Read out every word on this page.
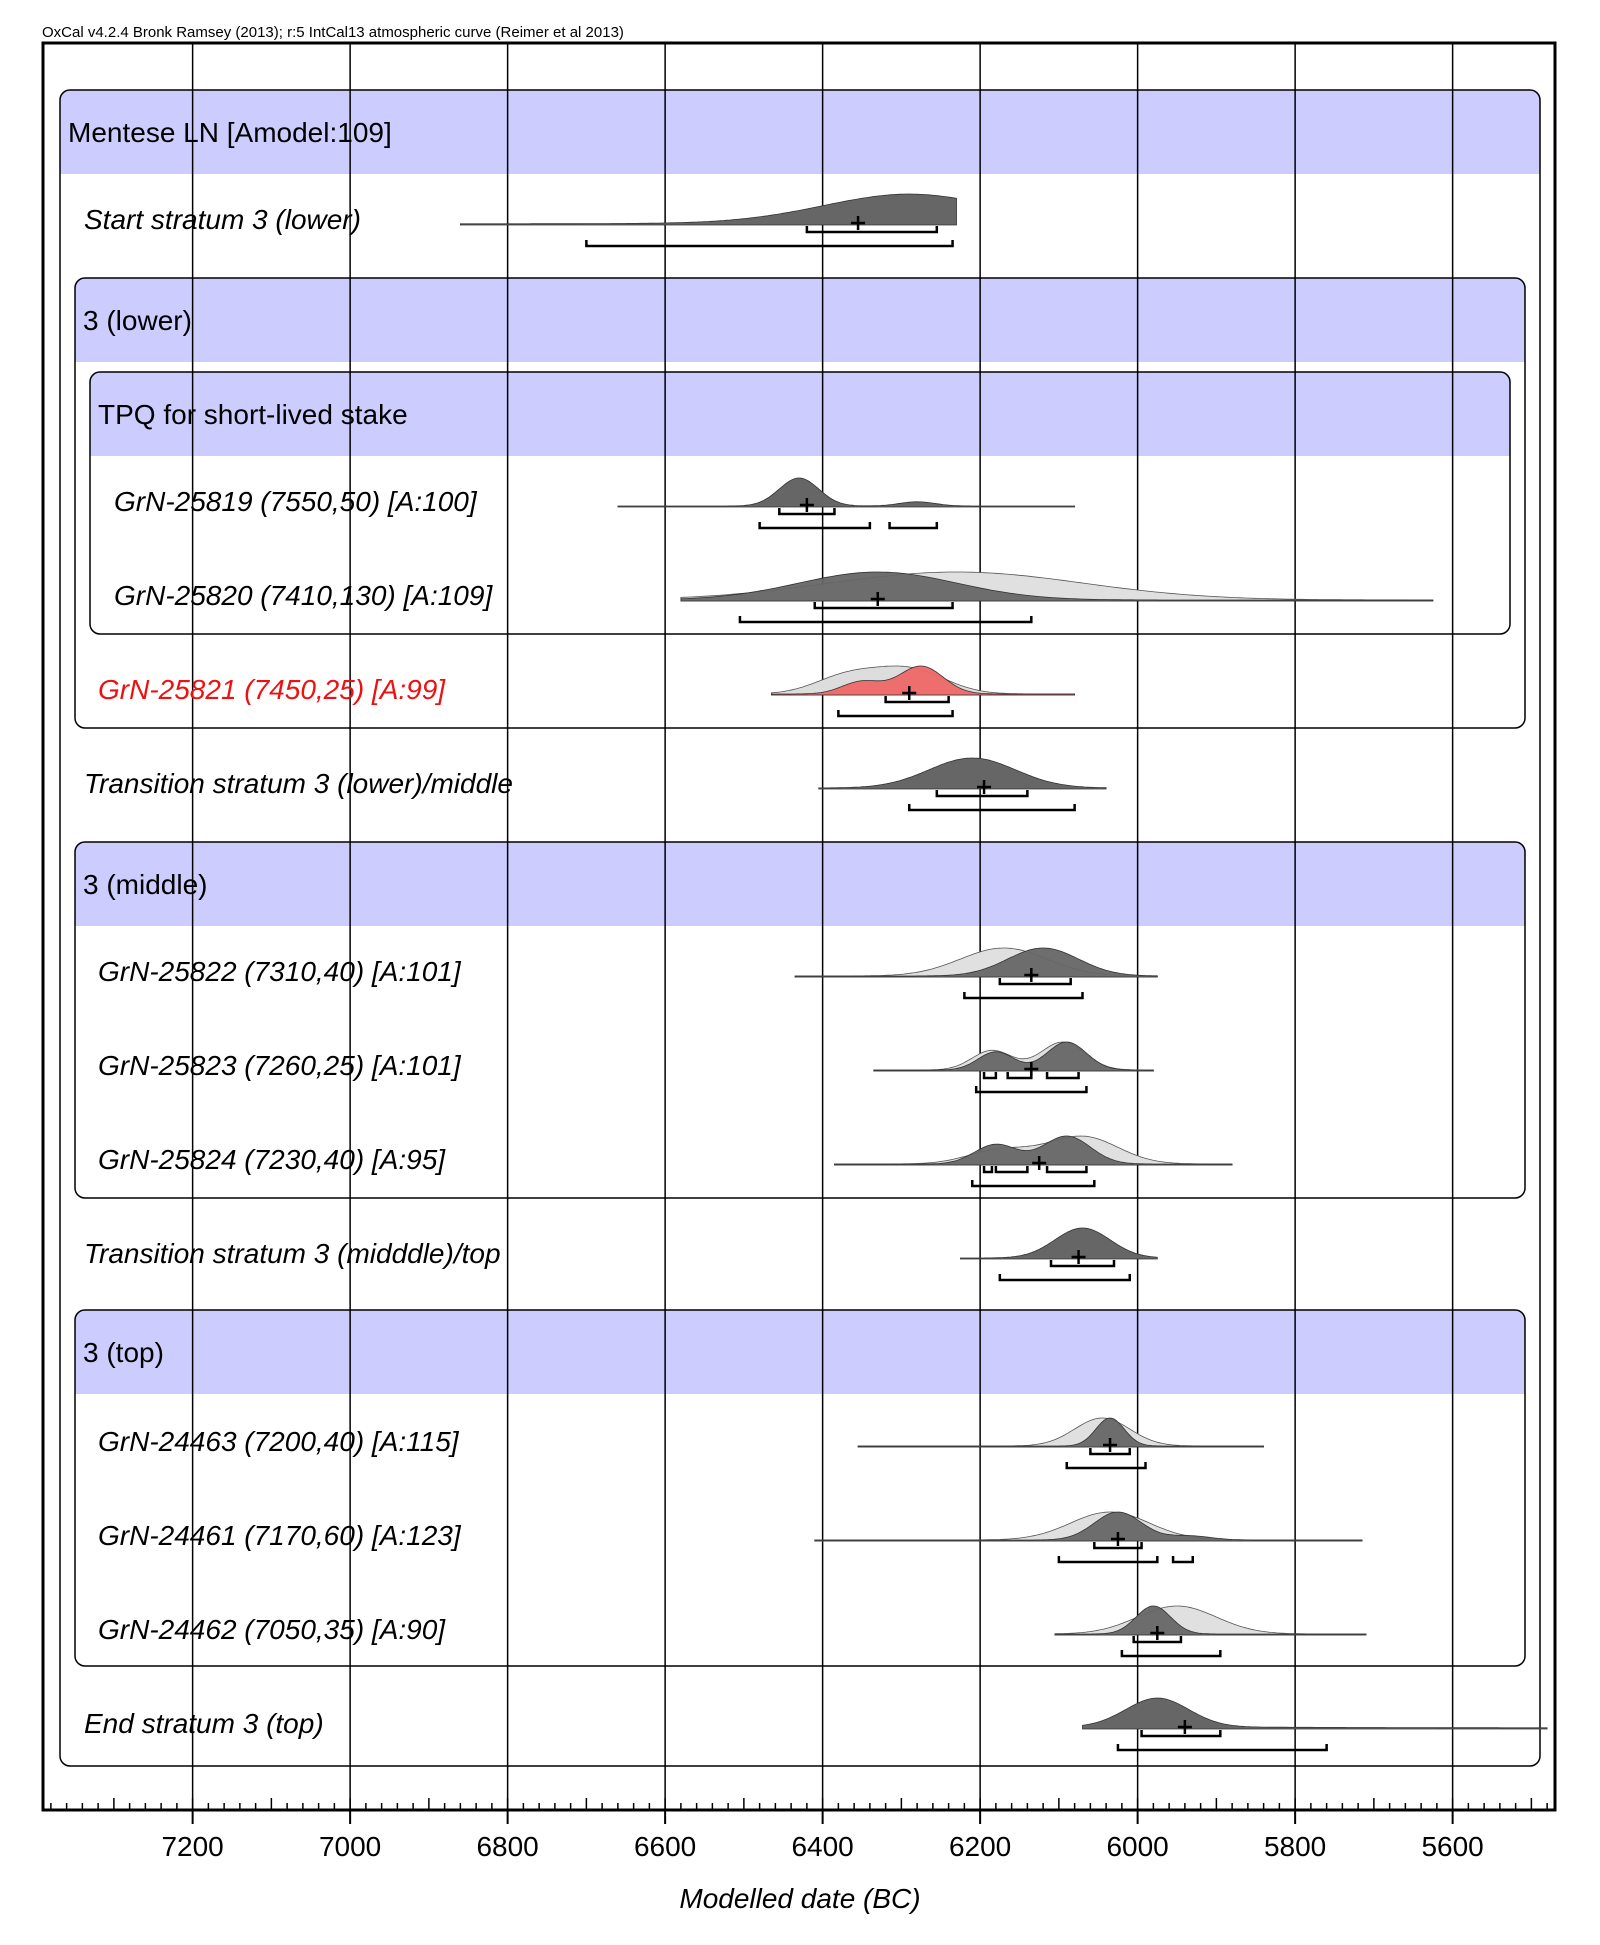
OxCal v4.2.4 Bronk Ramsey (2013); r:5 IntCal13 atmospheric curve (Reimer et al 2013)
Mentese LN [Amodel:109]
3 (lower)
TPQ for short-lived stake
3 (middle)
3 (top)
Start stratum 3 (lower)
GrN-25819 (7550,50) [A:100]
GrN-25820 (7410,130) [A:109]
GrN-25821 (7450,25) [A:99]
Transition stratum 3 (lower)/middle
GrN-25822 (7310,40) [A:101]
GrN-25823 (7260,25) [A:101]
GrN-25824 (7230,40) [A:95]
Transition stratum 3 (midddle)/top
GrN-24463 (7200,40) [A:115]
GrN-24461 (7170,60) [A:123]
GrN-24462 (7050,35) [A:90]
End stratum 3 (top)
7200	7000	6800	6600	6400	6200	6000	5800	5600
Modelled date (BC)
